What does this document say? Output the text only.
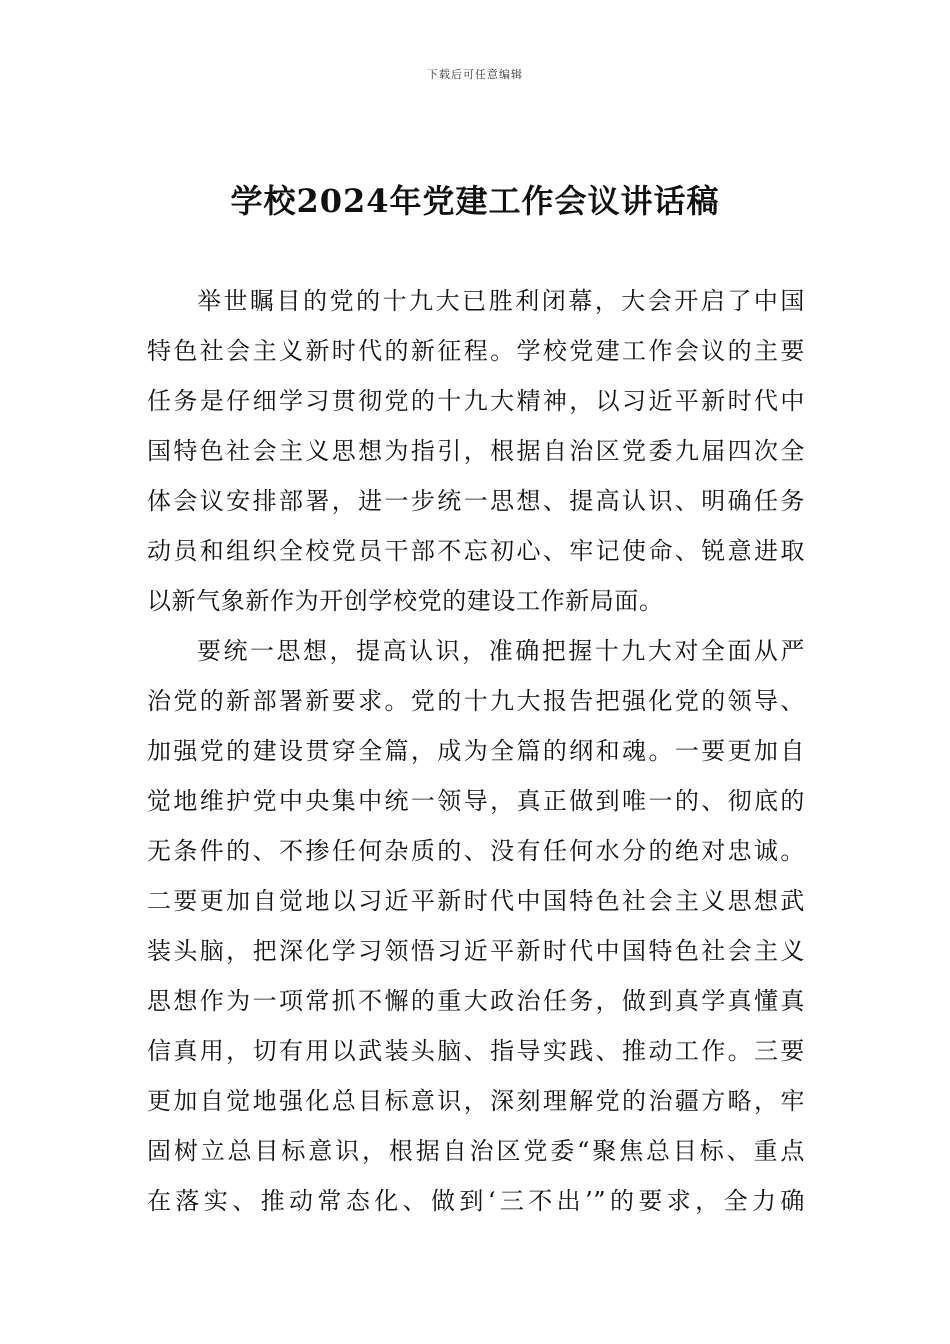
下载后可任意编辑
学校2024年党建工作会议讲话稿
举世瞩目的党的十九大已胜利闭幕，大会开启了中国
特色社会主义新时代的新征程。学校党建工作会议的主要
任务是仔细学习贯彻党的十九大精神，以习近平新时代中
国特色社会主义思想为指引，根据自治区党委九届四次全
体会议安排部署，进一步统一思想、提高认识、明确任务
动员和组织全校党员干部不忘初心、牢记使命、锐意进取
以新气象新作为开创学校党的建设工作新局面。
要统一思想，提高认识，准确把握十九大对全面从严
治党的新部署新要求。党的十九大报告把强化党的领导、
加强党的建设贯穿全篇，成为全篇的纲和魂。一要更加自
觉地维护党中央集中统一领导，真正做到唯一的、彻底的
无条件的、不掺任何杂质的、没有任何水分的绝对忠诚。
二要更加自觉地以习近平新时代中国特色社会主义思想武
装头脑，把深化学习领悟习近平新时代中国特色社会主义
思想作为一项常抓不懈的重大政治任务，做到真学真懂真
信真用，切有用以武装头脑、指导实践、推动工作。三要
更加自觉地强化总目标意识，深刻理解党的治疆方略，牢
固树立总目标意识，根据自治区党委“聚焦总目标、重点
在落实、推动常态化、做到‘三不出’”的要求，全力确
